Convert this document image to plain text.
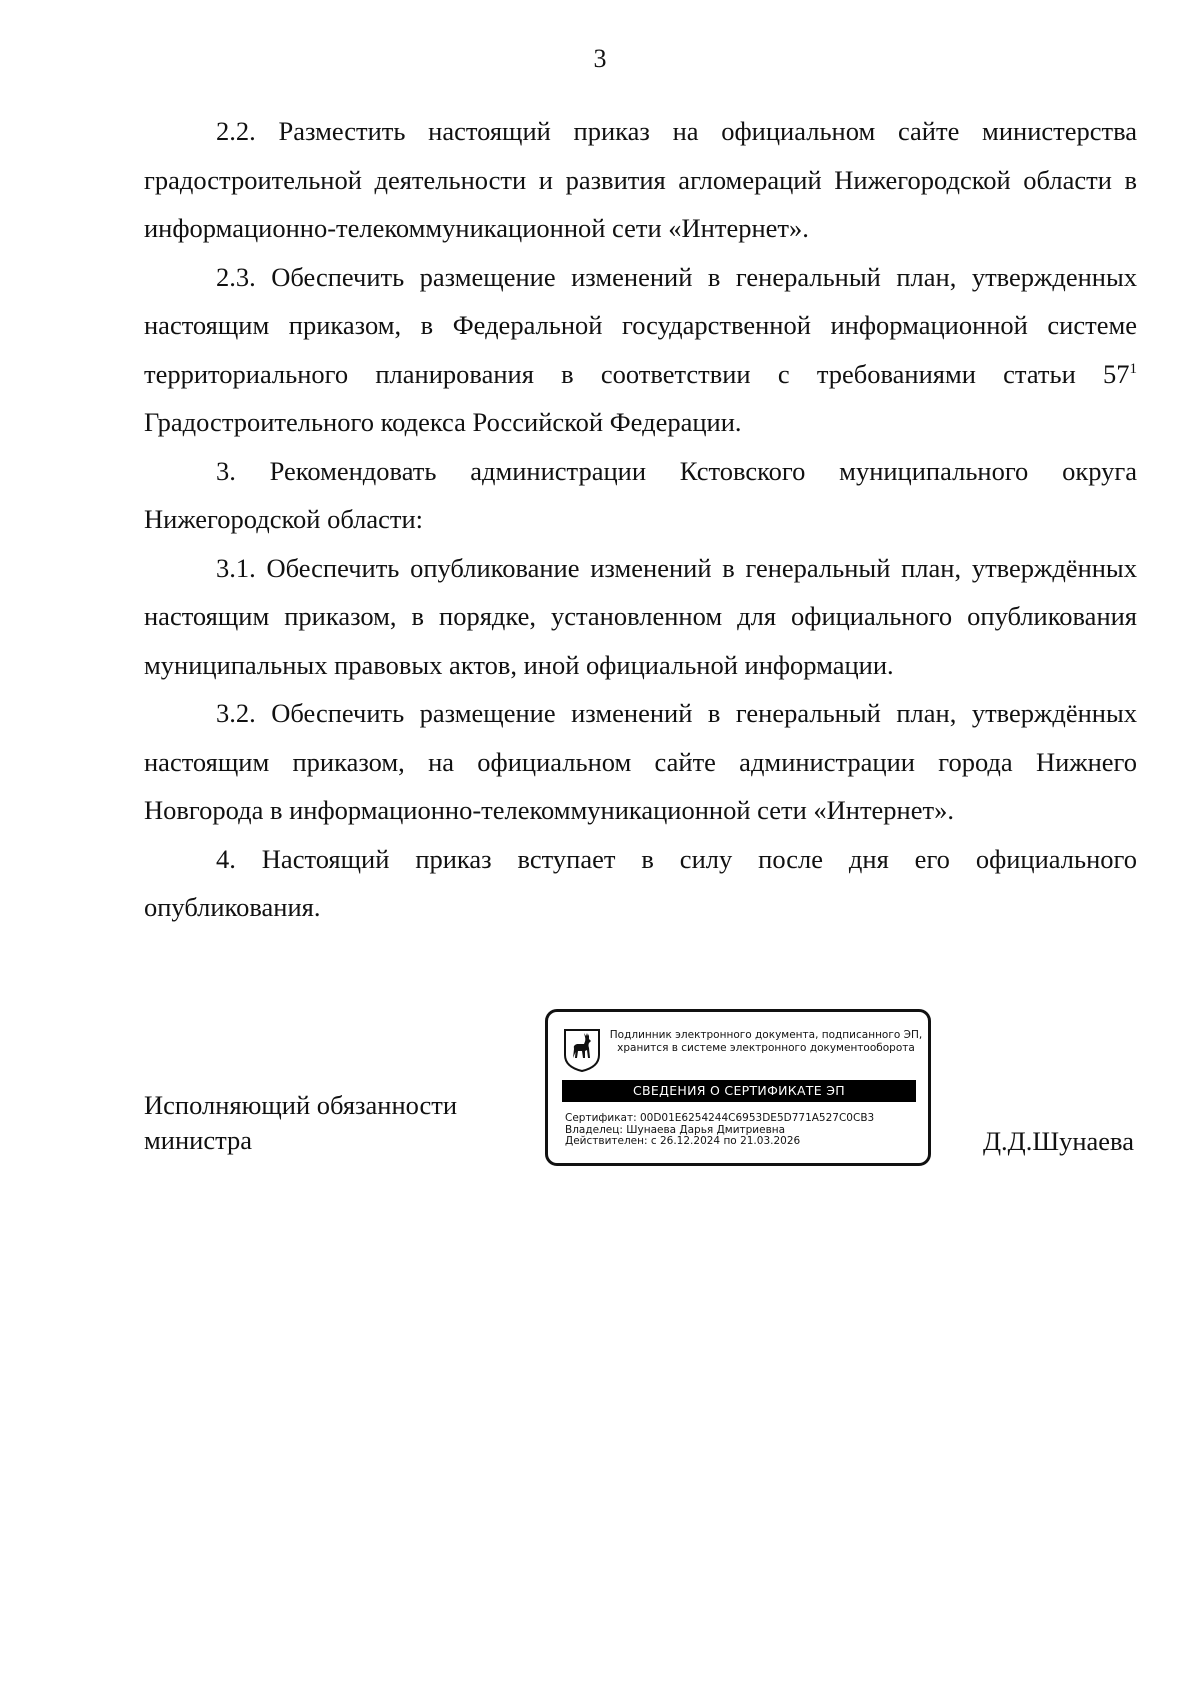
3

2.2. Разместить настоящий приказ на официальном сайте министерства градостроительной деятельности и развития агломераций Нижегородской области в информационно-телекоммуникационной сети «Интернет».

2.3. Обеспечить размещение изменений в генеральный план, утвержденных настоящим приказом, в Федеральной государственной информационной системе территориального планирования в соответствии с требованиями статьи $57^1$ Градостроительного кодекса Российской Федерации.

3. Рекомендовать администрации Кстовского муниципального округа Нижегородской области:

3.1. Обеспечить опубликование изменений в генеральный план, утверждённых настоящим приказом, в порядке, установленном для официального опубликования муниципальных правовых актов, иной официальной информации.

3.2. Обеспечить размещение изменений в генеральный план, утверждённых настоящим приказом, на официальном сайте администрации города Нижнего Новгорода в информационно-телекоммуникационной сети «Интернет».

4. Настоящий приказ вступает в силу после дня его официального опубликования.

Исполняющий обязанности
министра
Подлинник электронного документа, подписанного ЭП,
хранится в системе электронного документооборота
СВЕДЕНИЯ О СЕРТИФИКАТЕ ЭП
Сертификат: 00D01E6254244C6953DE5D771A527C0CB3
Владелец: Шунаева Дарья Дмитриевна
Действителен: с 26.12.2024 по 21.03.2026	Д.Д.Шунаева
